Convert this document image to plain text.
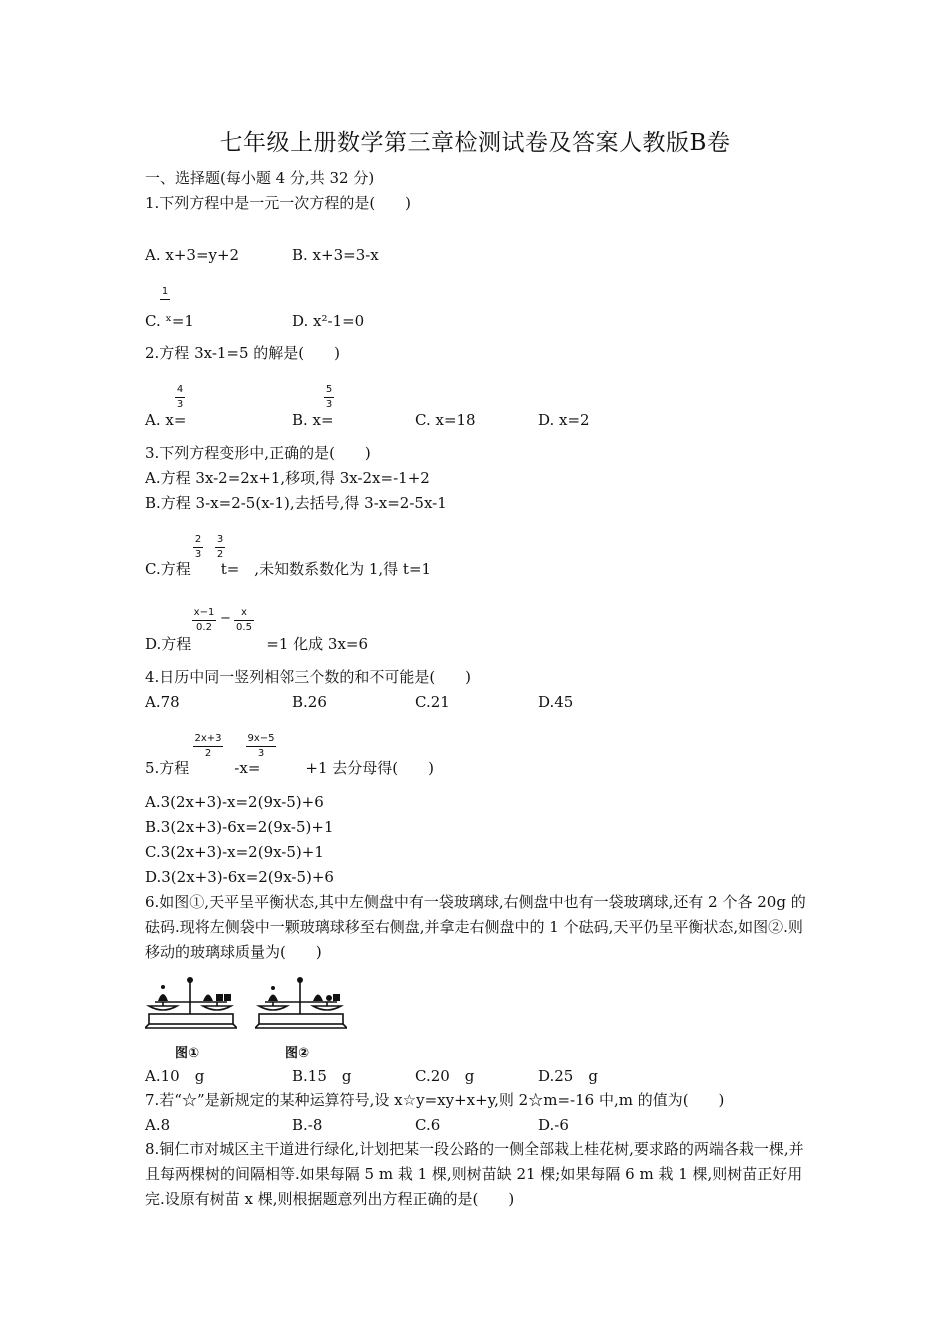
七年级上册数学第三章检测试卷及答案人教版B卷
一、选择题(每小题 4 分,共 32 分)
1.下列方程中是一元一次方程的是(　　)
A. x+3=y+2	B. x+3=3-x
1
C. ˣ=1	D. x²-1=0
2.方程 3x-1=5 的解是(　　)
4
3
A. x=
5
3
B. x=	C. x=18	D. x=2
3.下列方程变形中,正确的是(　　)
A.方程 3x-2=2x+1,移项,得 3x-2x=-1+2
B.方程 3-x=2-5(x-1),去括号,得 3-x=2-5x-1
2
3
3
2
C.方程　　t=　,未知数系数化为 1,得 t=1
x−1
0.2
−	x
0.5
D.方程　　　　　=1 化成 3x=6
4.日历中同一竖列相邻三个数的和不可能是(　　)
A.78	B.26	C.21	D.45
2x+3
2
9x−5
3
5.方程　　　-x=　　　+1 去分母得(　　)
A.3(2x+3)-x=2(9x-5)+6
B.3(2x+3)-6x=2(9x-5)+1
C.3(2x+3)-x=2(9x-5)+1
D.3(2x+3)-6x=2(9x-5)+6
6.如图①,天平呈平衡状态,其中左侧盘中有一袋玻璃球,右侧盘中也有一袋玻璃球,还有 2 个各 20g 的砝码.现将左侧袋中一颗玻璃球移至右侧盘,并拿走右侧盘中的 1 个砝码,天平仍呈平衡状态,如图②.则移动的玻璃球质量为(　　)
图①	图②
A.10　g	B.15　g	C.20　g	D.25　g
7.若“☆”是新规定的某种运算符号,设 x☆y=xy+x+y,则 2☆m=-16 中,m 的值为(　　)
A.8	B.-8	C.6	D.-6
8.铜仁市对城区主干道进行绿化,计划把某一段公路的一侧全部栽上桂花树,要求路的两端各栽一棵,并且每两棵树的间隔相等.如果每隔 5 m 栽 1 棵,则树苗缺 21 棵;如果每隔 6 m 栽 1 棵,则树苗正好用完.设原有树苗 x 棵,则根据题意列出方程正确的是(　　)
